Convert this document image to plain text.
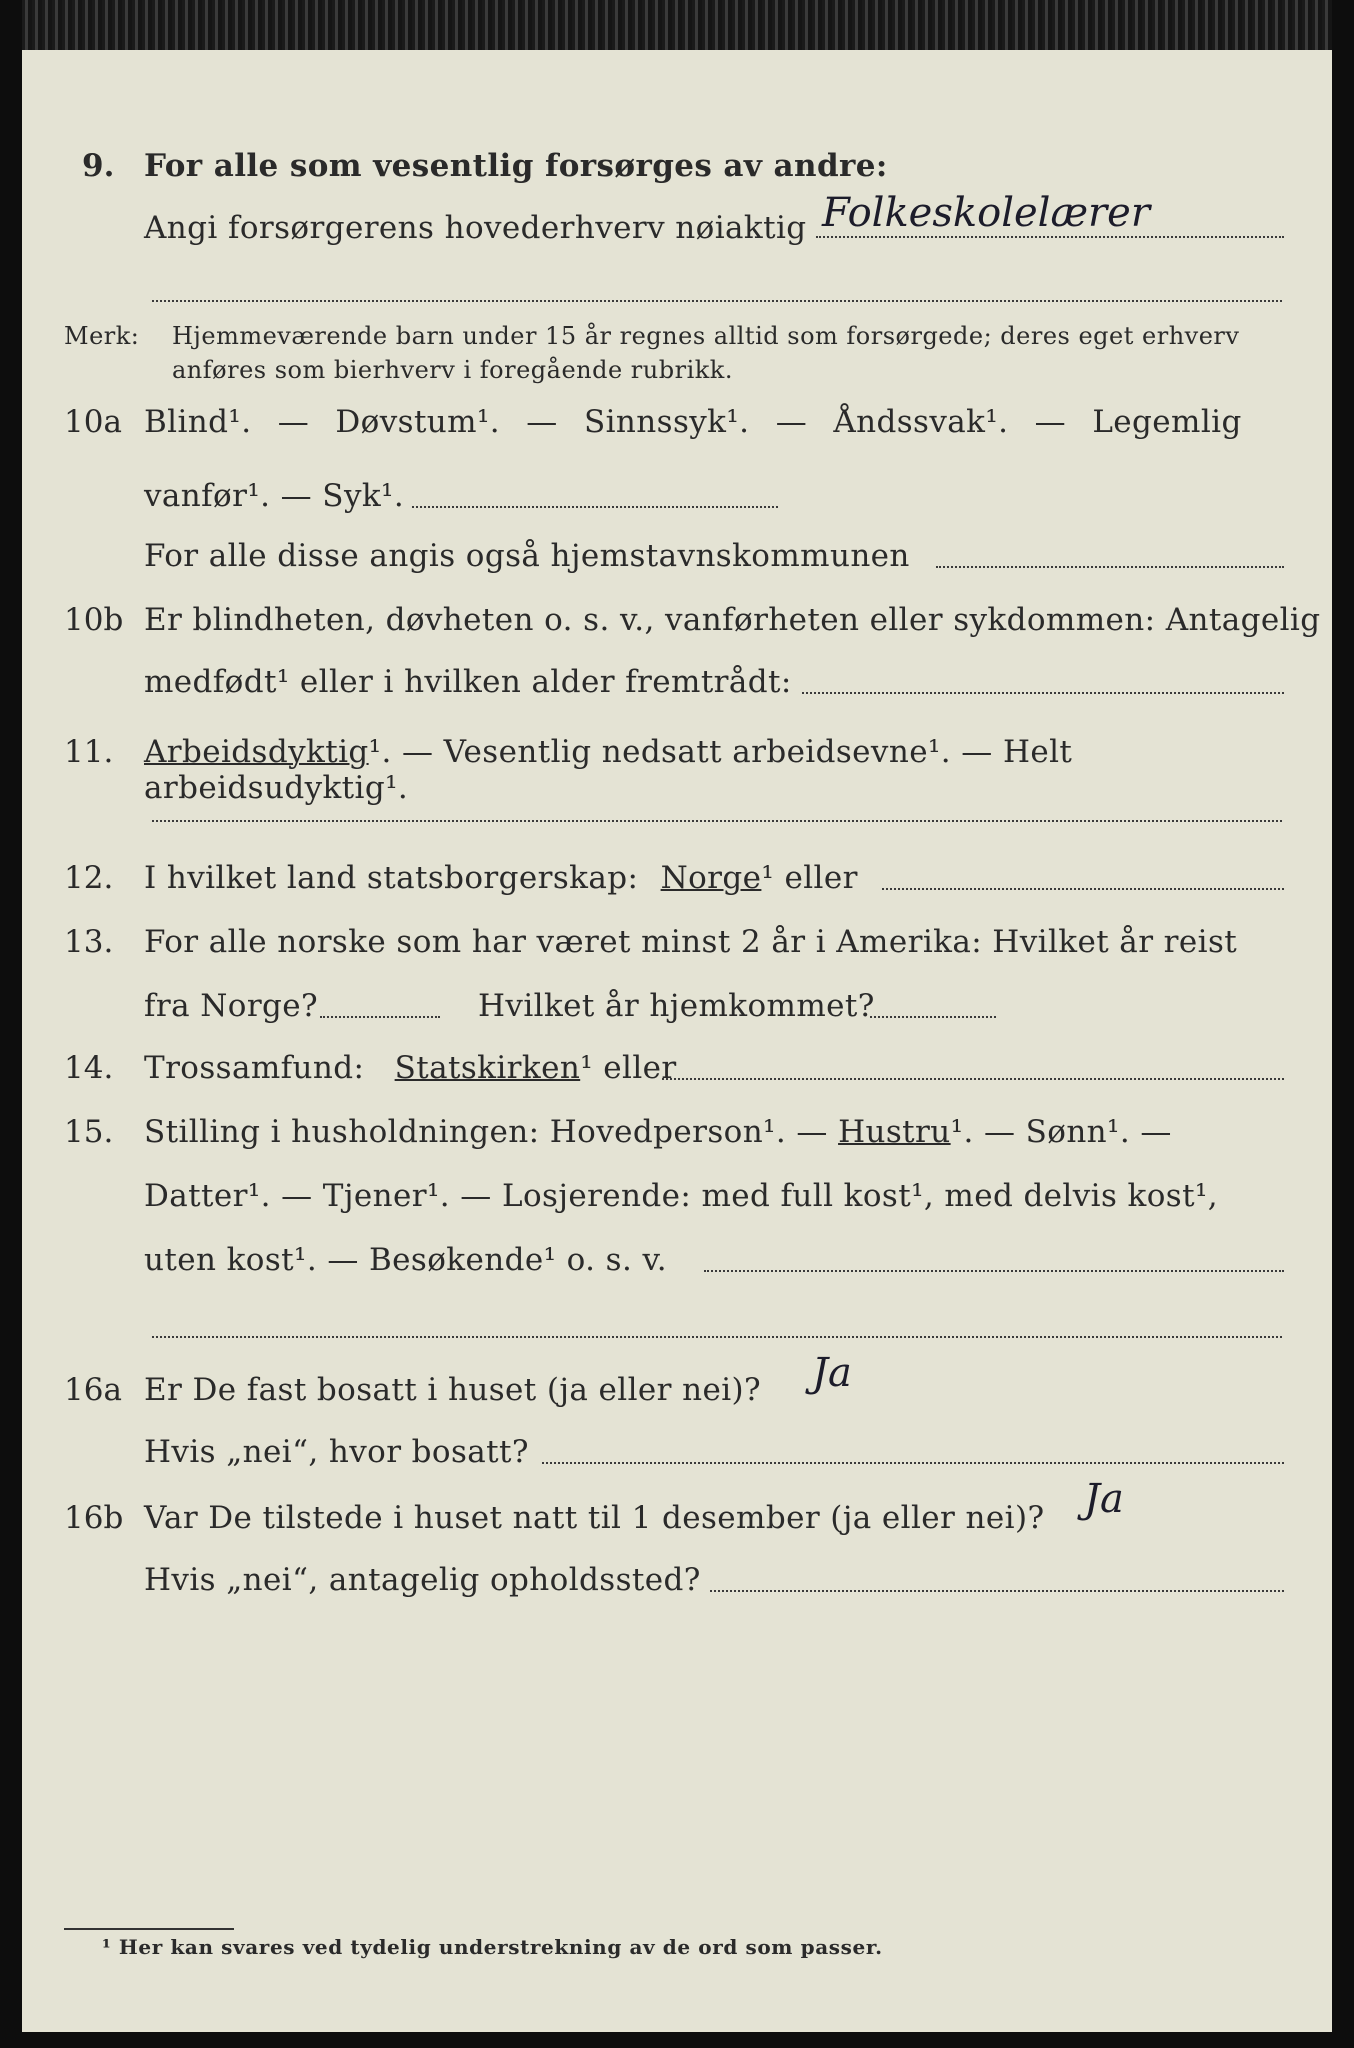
9. For alle som vesentlig forsørges av andre:
Angi forsørgerens hovederhverv nøiaktig Folkeskolelærer
Merk: Hjemmeværende barn under 15 år regnes alltid som forsørgede; deres eget erhverv
anføres som bierhverv i foregående rubrikk.
10a Blind¹. — Døvstum¹. — Sinnssyk¹. — Åndssvak¹. — Legemlig
vanfør¹. — Syk¹.
For alle disse angis også hjemstavnskommunen
10b Er blindheten, døvheten o. s. v., vanførheten eller sykdommen: Antagelig
medfødt¹ eller i hvilken alder fremtrådt:
11. Arbeidsdyktig¹. — Vesentlig nedsatt arbeidsevne¹. — Helt arbeidsudyktig¹.
12. I hvilket land statsborgerskap: Norge¹ eller
13. For alle norske som har været minst 2 år i Amerika: Hvilket år reist
fra Norge?	Hvilket år hjemkommet?
14. Trossamfund: Statskirken¹ eller
15. Stilling i husholdningen: Hovedperson¹. — Hustru¹. — Sønn¹. —
Datter¹. — Tjener¹. — Losjerende: med full kost¹, med delvis kost¹,
uten kost¹. — Besøkende¹ o. s. v.
16a Er De fast bosatt i huset (ja eller nei)? Ja
Hvis „nei“, hvor bosatt?
16b Var De tilstede i huset natt til 1 desember (ja eller nei)? Ja
Hvis „nei“, antagelig opholdssted?
¹ Her kan svares ved tydelig understrekning av de ord som passer.
